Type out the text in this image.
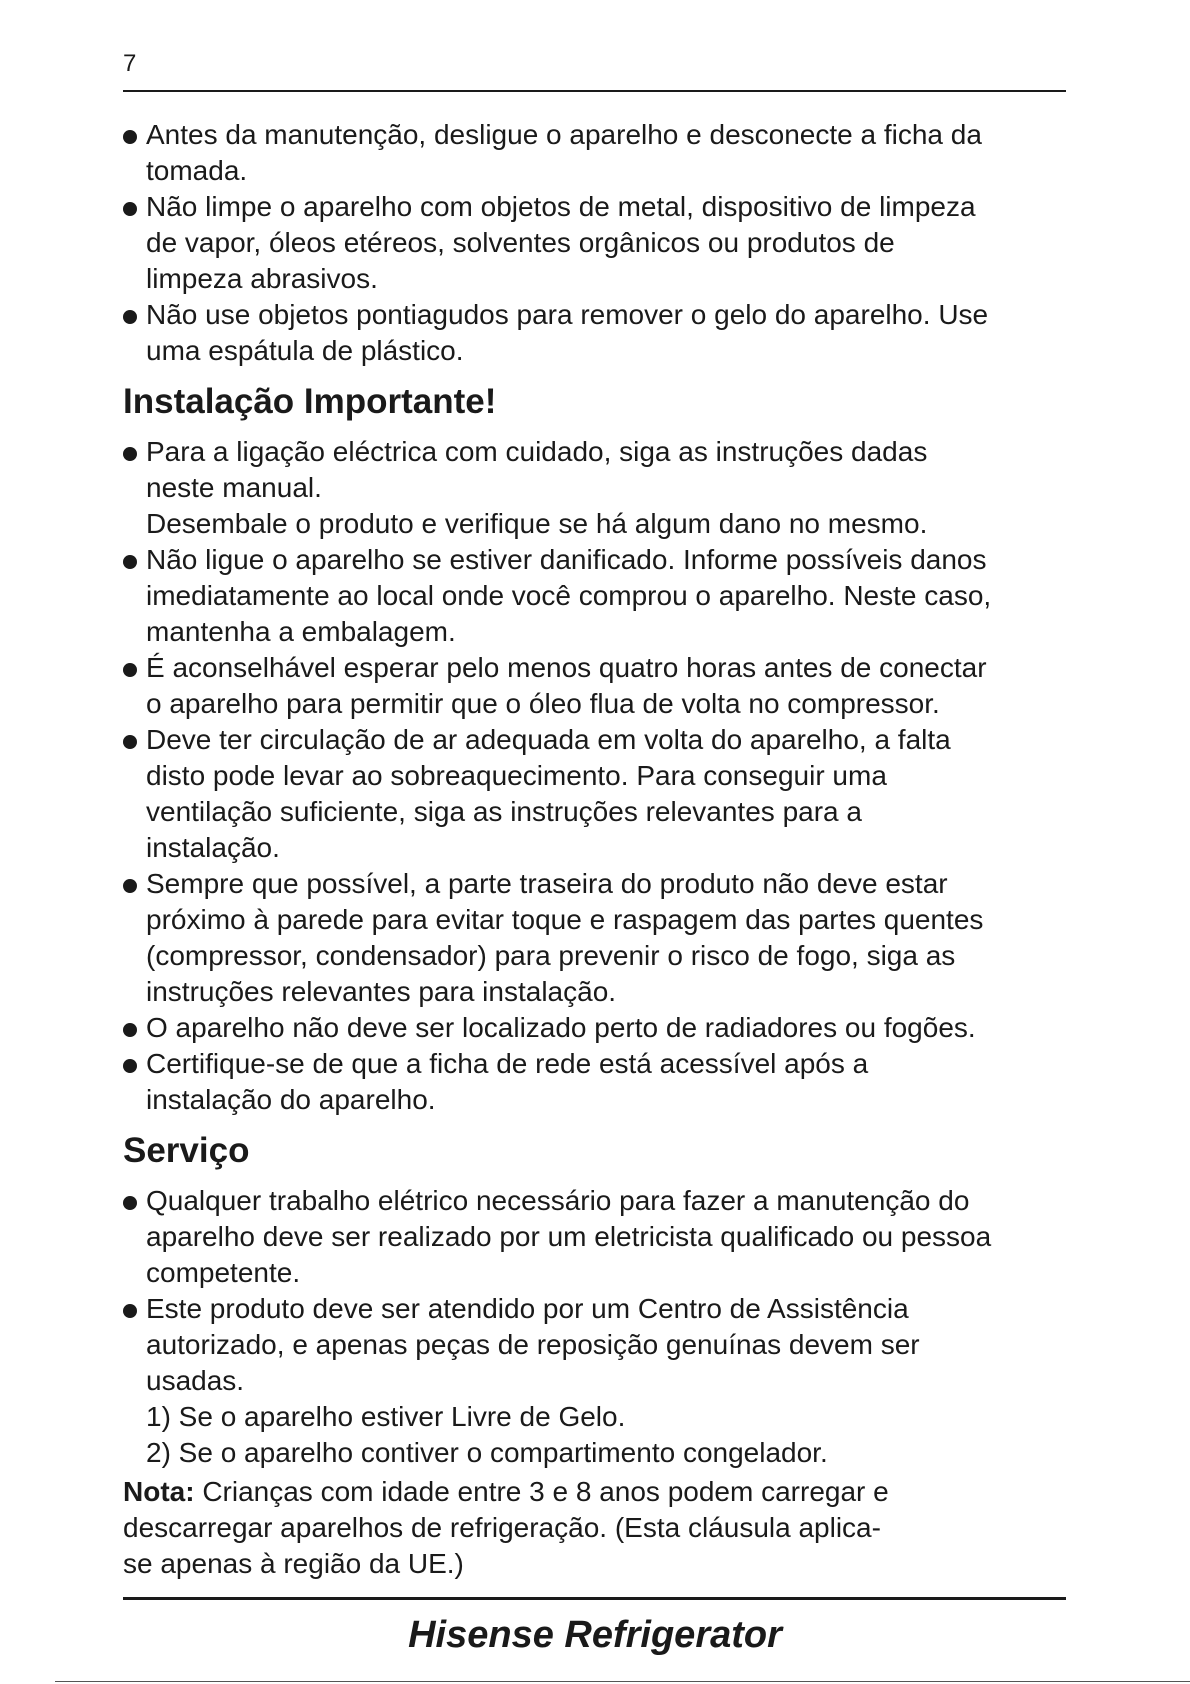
7
Antes da manutenção, desligue o aparelho e desconecte a ficha da
tomada.
Não limpe o aparelho com objetos de metal, dispositivo de limpeza
de vapor, óleos etéreos, solventes orgânicos ou produtos de
limpeza abrasivos.
Não use objetos pontiagudos para remover o gelo do aparelho. Use
uma espátula de plástico.
Instalação Importante!
Para a ligação eléctrica com cuidado, siga as instruções dadas
neste manual.
Desembale o produto e verifique se há algum dano no mesmo.
Não ligue o aparelho se estiver danificado. Informe possíveis danos
imediatamente ao local onde você comprou o aparelho. Neste caso,
mantenha a embalagem.
É aconselhável esperar pelo menos quatro horas antes de conectar
o aparelho para permitir que o óleo flua de volta no compressor.
Deve ter circulação de ar adequada em volta do aparelho, a falta
disto pode levar ao sobreaquecimento. Para conseguir uma
ventilação suficiente, siga as instruções relevantes para a
instalação.
Sempre que possível, a parte traseira do produto não deve estar
próximo à parede para evitar toque e raspagem das partes quentes
(compressor, condensador) para prevenir o risco de fogo, siga as
instruções relevantes para instalação.
O aparelho não deve ser localizado perto de radiadores ou fogões.
Certifique-se de que a ficha de rede está acessível após a
instalação do aparelho.
Serviço
Qualquer trabalho elétrico necessário para fazer a manutenção do
aparelho deve ser realizado por um eletricista qualificado ou pessoa
competente.
Este produto deve ser atendido por um Centro de Assistência
autorizado, e apenas peças de reposição genuínas devem ser
usadas.
1) Se o aparelho estiver Livre de Gelo.
2) Se o aparelho contiver o compartimento congelador.
Nota: Crianças com idade entre 3 e 8 anos podem carregar e
descarregar aparelhos de refrigeração. (Esta cláusula aplica-
se apenas à região da UE.)
Hisense Refrigerator
